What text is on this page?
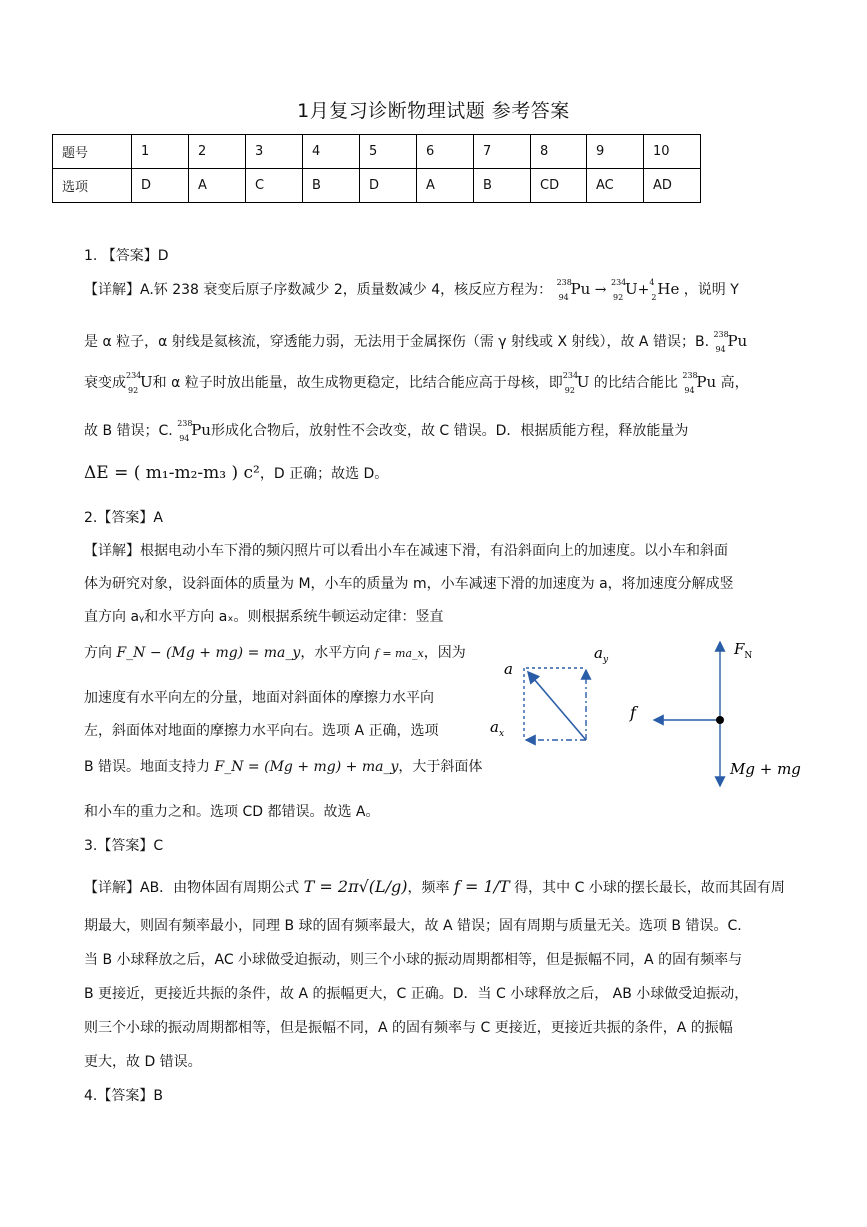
1月复习诊断物理试题 参考答案
题号	1	2	3	4	5	6	7	8	9	10
选项	D	A	C	B	D	A	B	CD	AC	AD
1. 【答案】D
【详解】A.钚 238 衰变后原子序数减少 2，质量数减少 4，核反应方程为： 238
94 Pu → 234
92 U+ 4
2 He ，说明 Y
是 α 粒子，α 射线是氦核流，穿透能力弱，无法用于金属探伤（需 γ 射线或 X 射线），故 A 错误；B. 238
94 Pu
衰变成 234
92 U和 α 粒子时放出能量，故生成物更稳定，比结合能应高于母核，即 234
92 U 的比结合能比 238
94 Pu 高，
故 B 错误；C. 238
94 Pu形成化合物后，放射性不会改变，故 C 错误。D．根据质能方程，释放能量为
ΔE = ( m₁-m₂-m₃ ) c²，D 正确；故选 D。
2.【答案】A
【详解】根据电动小车下滑的频闪照片可以看出小车在减速下滑，有沿斜面向上的加速度。以小车和斜面
体为研究对象，设斜面体的质量为 M，小车的质量为 m，小车减速下滑的加速度为 a，将加速度分解成竖
直方向 aᵧ和水平方向 aₓ。则根据系统牛顿运动定律：竖直
方向 F_N − (Mg + mg) = ma_y，水平方向 f = ma_x，因为
加速度有水平向左的分量，地面对斜面体的摩擦力水平向
左，斜面体对地面的摩擦力水平向右。选项 A 正确，选项
B 错误。地面支持力 F_N = (Mg + mg) + ma_y，大于斜面体
和小车的重力之和。选项 CD 都错误。故选 A。
a
$a_y$
$a_x$
$F_N$
f
Mg + mg
3.【答案】C
【详解】AB．由物体固有周期公式 T = 2π√(L/g)，频率 f = 1/T 得，其中 C 小球的摆长最长，故而其固有周
期最大，则固有频率最小，同理 B 球的固有频率最大，故 A 错误；固有周期与质量无关。选项 B 错误。C.
当 B 小球释放之后，AC 小球做受迫振动，则三个小球的振动周期都相等，但是振幅不同，A 的固有频率与
B 更接近，更接近共振的条件，故 A 的振幅更大，C 正确。D．当 C 小球释放之后， AB 小球做受迫振动，
则三个小球的振动周期都相等，但是振幅不同，A 的固有频率与 C 更接近，更接近共振的条件，A 的振幅
更大，故 D 错误。
4.【答案】B
